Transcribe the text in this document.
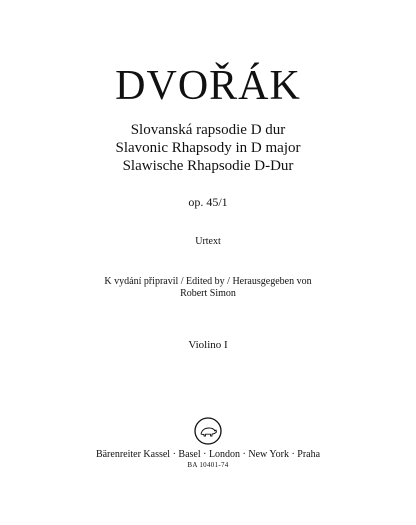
DVOŘÁK
Slovanská rapsodie D dur
Slavonic Rhapsody in D major
Slawische Rhapsodie D-Dur
op. 45/1
Urtext
K vydání připravil / Edited by / Herausgegeben von
Robert Simon
Violino I
Bärenreiter Kassel · Basel · London · New York · Praha
BA 10401-74
